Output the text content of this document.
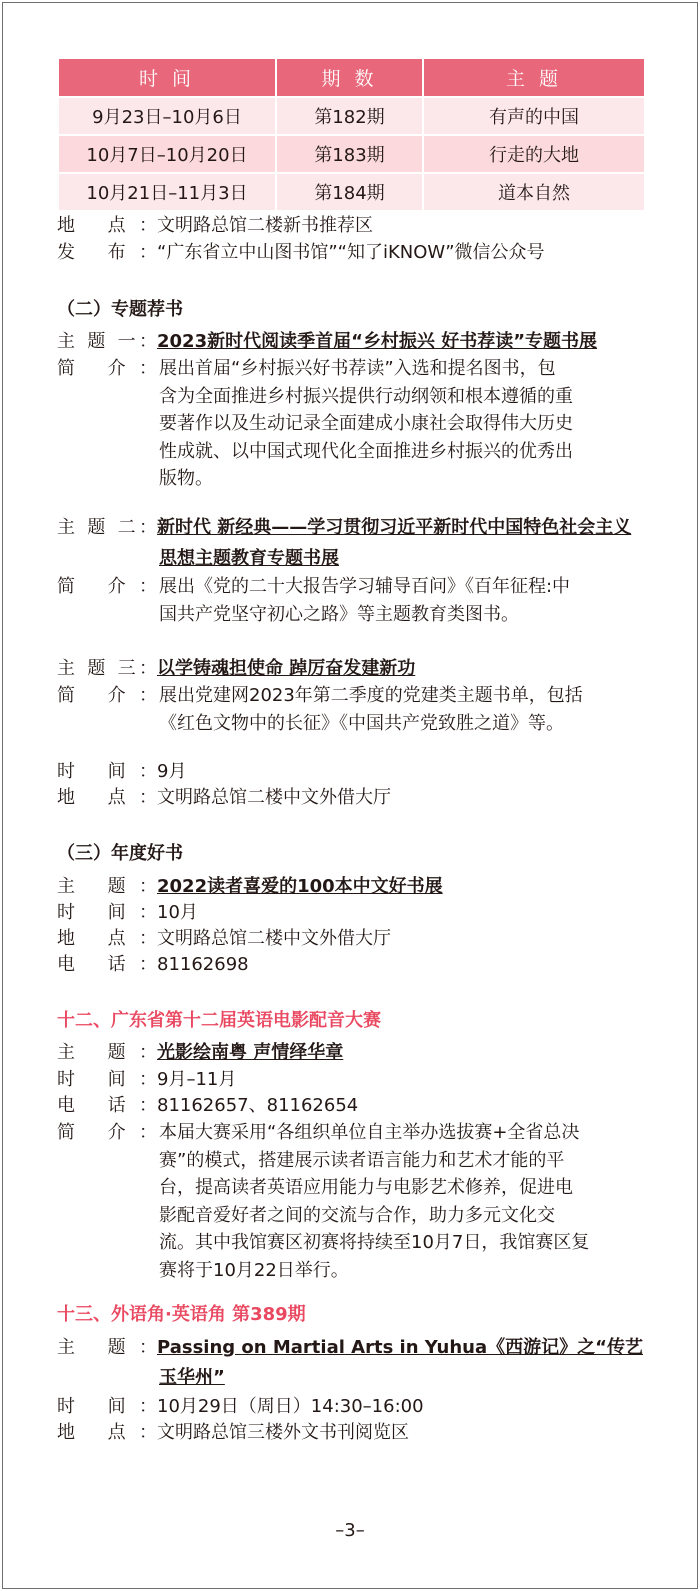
时 间	期 数	主 题
9月23日–10月6日	第182期	有声的中国
10月7日–10月20日	第183期	行走的大地
10月21日–11月3日	第184期	道本自然
地 点：文明路总馆二楼新书推荐区
发 布：“广东省立中山图书馆”“知了iKNOW”微信公众号
（二）专题荐书
主 题 一：2023新时代阅读季首届“乡村振兴 好书荐读”专题书展
简 介： 展出首届“乡村振兴好书荐读”入选和提名图书，包
含为全面推进乡村振兴提供行动纲领和根本遵循的重
要著作以及生动记录全面建成小康社会取得伟大历史
性成就、以中国式现代化全面推进乡村振兴的优秀出
版物。
主 题 二：新时代 新经典——学习贯彻习近平新时代中国特色社会主义
思想主题教育专题书展
简 介： 展出《党的二十大报告学习辅导百问》《百年征程:中
国共产党坚守初心之路》等主题教育类图书。
主 题 三：以学铸魂担使命 踔厉奋发建新功
简 介： 展出党建网2023年第二季度的党建类主题书单，包括
《红色文物中的长征》《中国共产党致胜之道》等。
时 间：9月
地 点：文明路总馆二楼中文外借大厅
（三）年度好书
主 题：2022读者喜爱的100本中文好书展
时 间：10月
地 点：文明路总馆二楼中文外借大厅
电 话：81162698
十二、广东省第十二届英语电影配音大赛
主 题：光影绘南粤 声情绎华章
时 间：9月–11月
电 话：81162657、81162654
简 介： 本届大赛采用“各组织单位自主举办选拔赛+全省总决
赛”的模式，搭建展示读者语言能力和艺术才能的平
台，提高读者英语应用能力与电影艺术修养，促进电
影配音爱好者之间的交流与合作，助力多元文化交
流。其中我馆赛区初赛将持续至10月7日，我馆赛区复
赛将于10月22日举行。
十三、外语角·英语角 第389期
主 题：Passing on Martial Arts in Yuhua《西游记》之“传艺
玉华州”
时 间：10月29日（周日）14:30–16:00
地 点：文明路总馆三楼外文书刊阅览区
–3–
